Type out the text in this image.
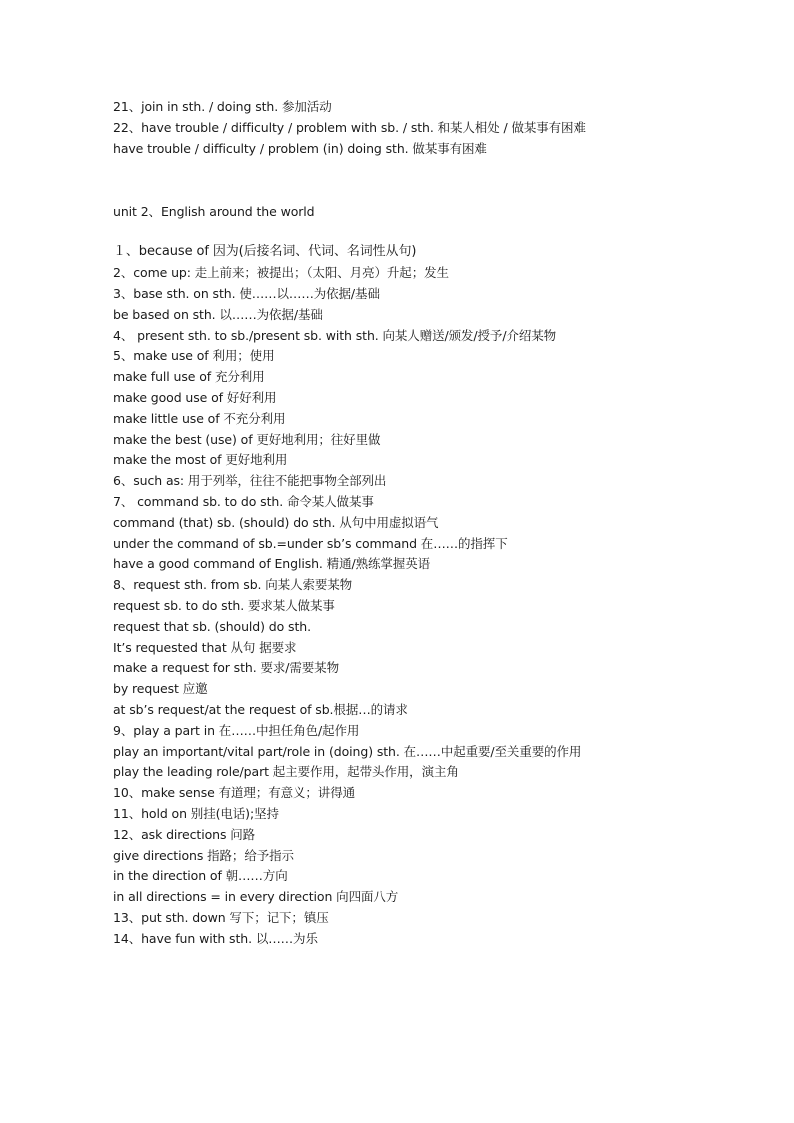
21、join in sth. / doing sth. 参加活动
22、have trouble / difficulty / problem with sb. / sth. 和某人相处 / 做某事有困难
have trouble / difficulty / problem (in) doing sth. 做某事有困难
unit 2、English around the world
１、because of 因为(后接名词、代词、名词性从句)
2、come up: 走上前来；被提出；（太阳、月亮）升起；发生
3、base sth. on sth. 使……以……为依据/基础
be based on sth. 以……为依据/基础
4、 present sth. to sb./present sb. with sth. 向某人赠送/颁发/授予/介绍某物
5、make use of 利用；使用
make full use of 充分利用
make good use of 好好利用
make little use of 不充分利用
make the best (use) of 更好地利用；往好里做
make the most of 更好地利用
6、such as: 用于列举，往往不能把事物全部列出
7、 command sb. to do sth. 命令某人做某事
command (that) sb. (should) do sth. 从句中用虚拟语气
under the command of sb.=under sb’s command 在……的指挥下
have a good command of English. 精通/熟练掌握英语
8、request sth. from sb. 向某人索要某物
request sb. to do sth. 要求某人做某事
request that sb. (should) do sth.
It’s requested that 从句 据要求
make a request for sth. 要求/需要某物
by request 应邀
at sb’s request/at the request of sb.根据…的请求
9、play a part in 在……中担任角色/起作用
play an important/vital part/role in (doing) sth. 在……中起重要/至关重要的作用
play the leading role/part 起主要作用，起带头作用，演主角
10、make sense 有道理；有意义；讲得通
11、hold on 别挂(电话);坚持
12、ask directions 问路
give directions 指路；给予指示
in the direction of 朝……方向
in all directions = in every direction 向四面八方
13、put sth. down 写下；记下；镇压
14、have fun with sth. 以……为乐
